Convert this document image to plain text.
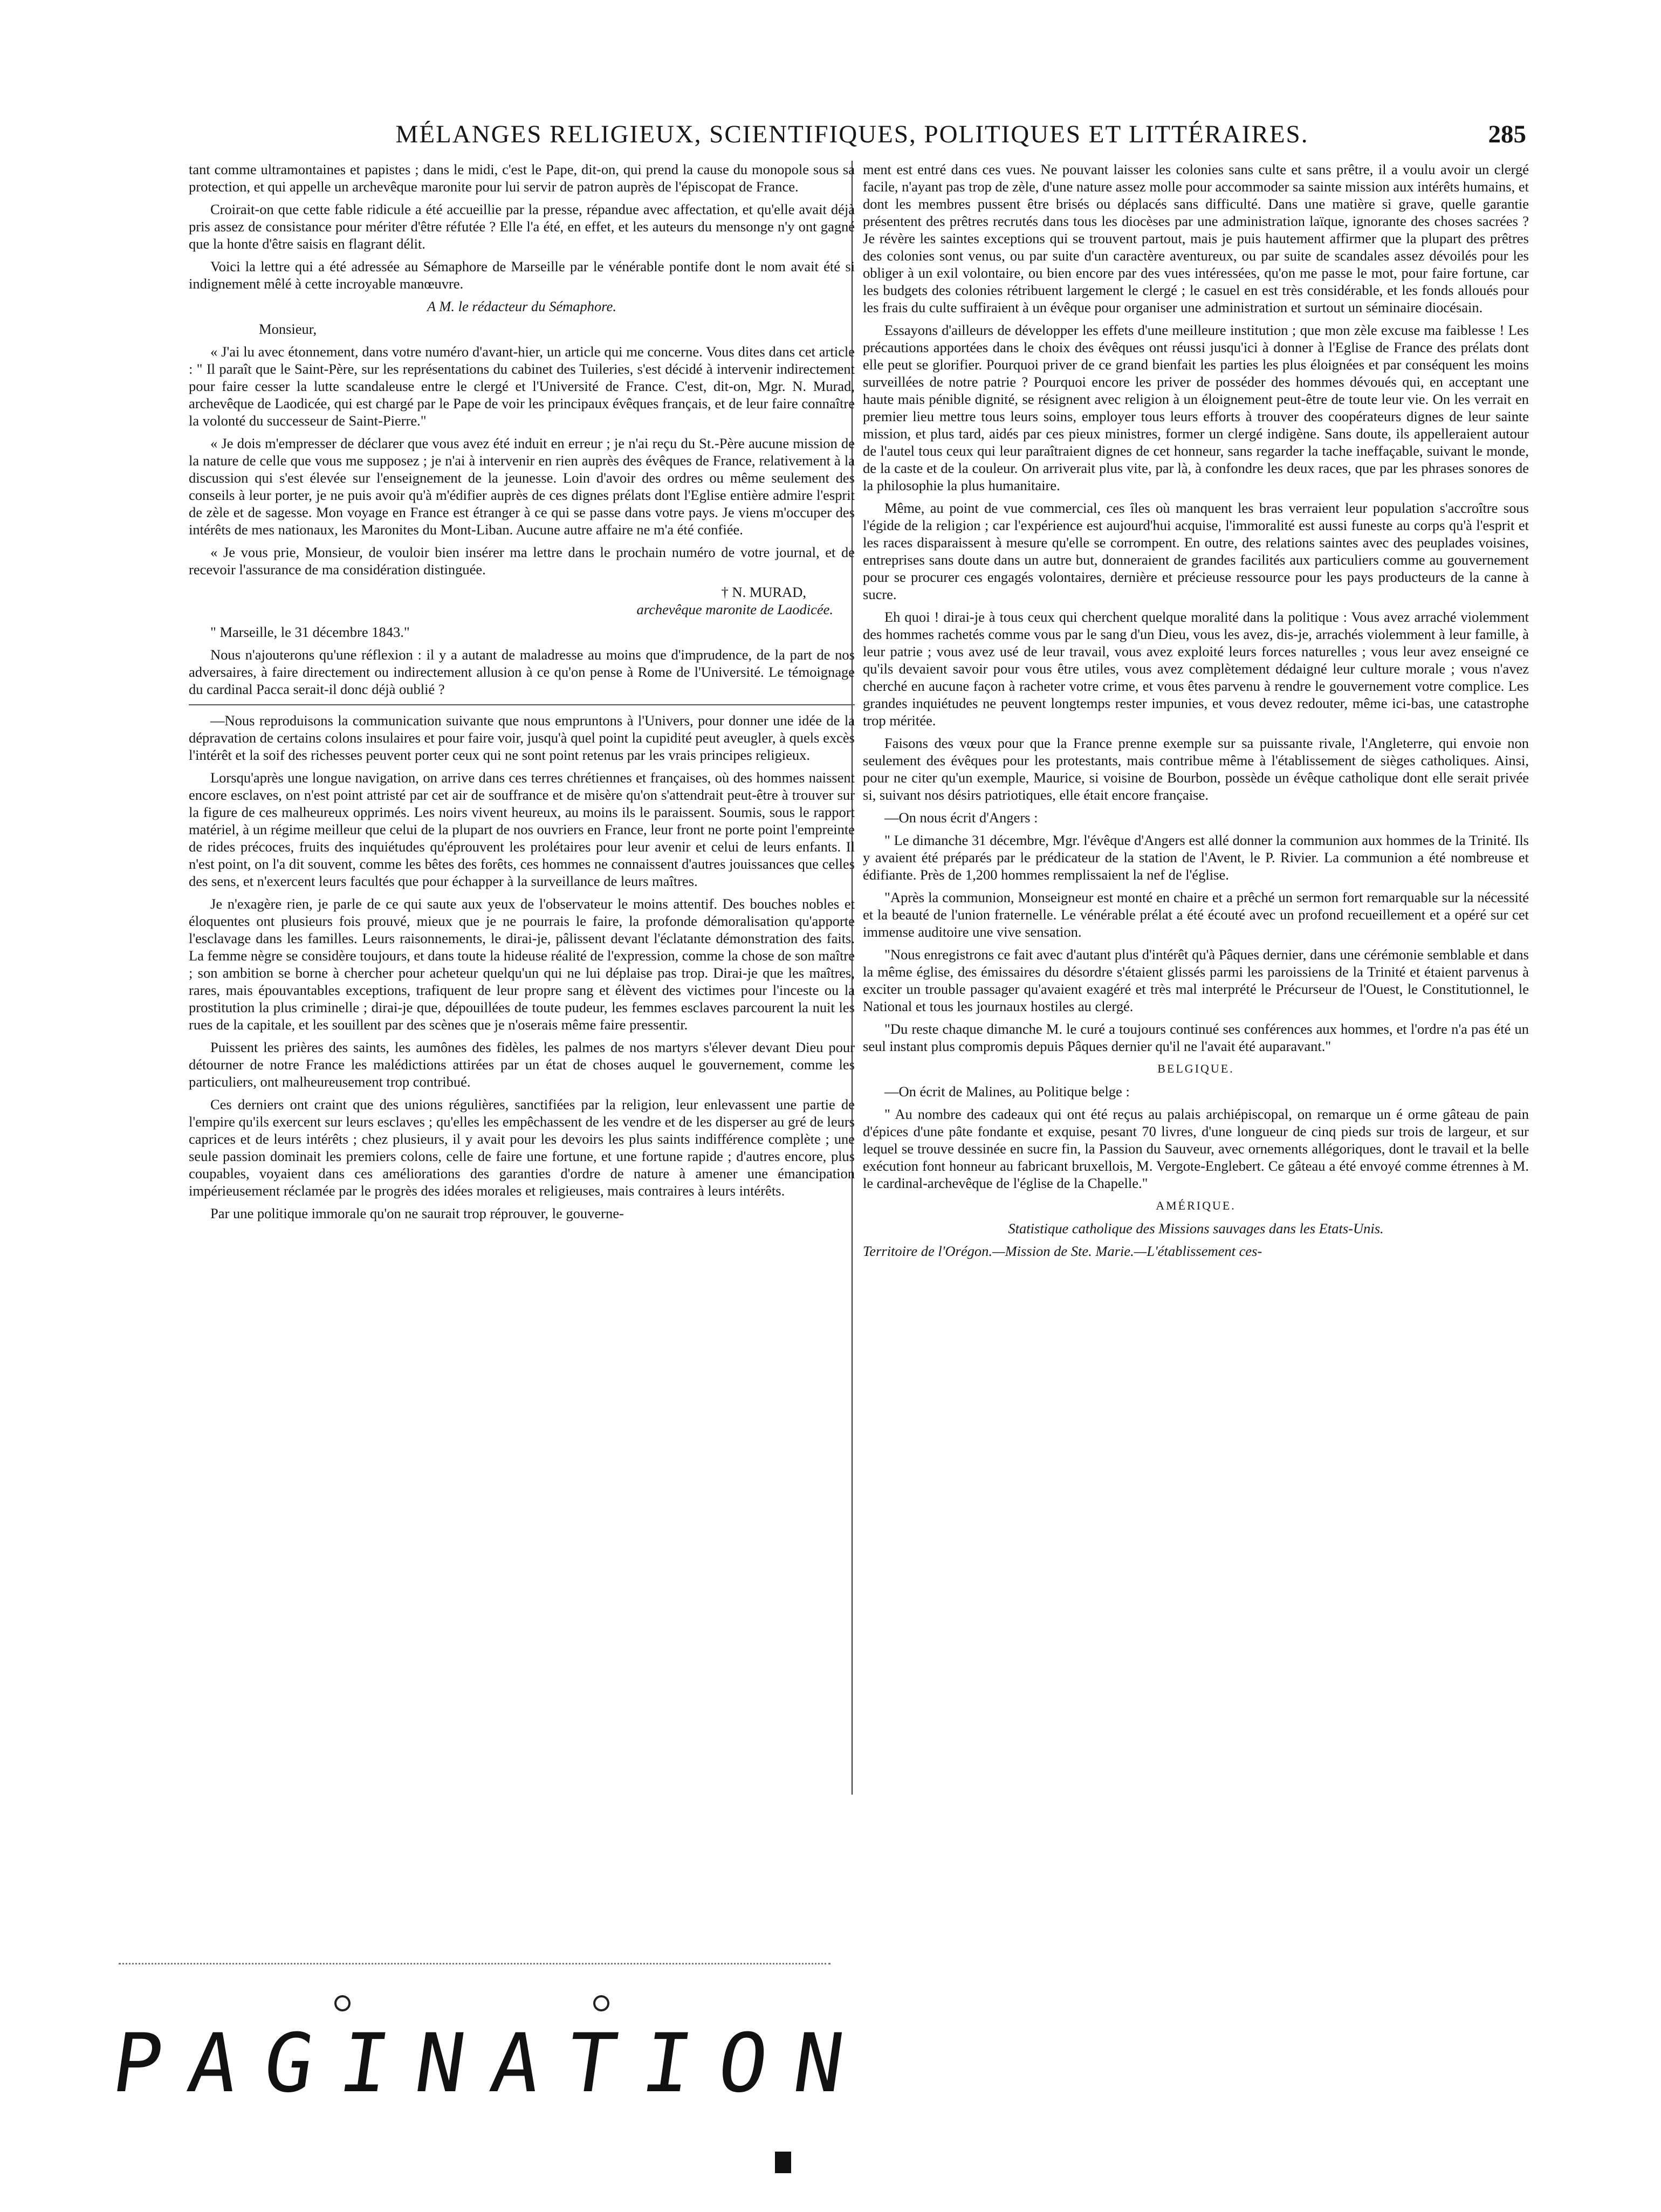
MÉLANGES RELIGIEUX, SCIENTIFIQUES, POLITIQUES ET LITTÉRAIRES.	285

tant comme ultramontaines et papistes ; dans le midi, c'est le Pape, dit-on, qui prend la cause du monopole sous sa protection, et qui appelle un archevêque maronite pour lui servir de patron auprès de l'épiscopat de France.

Croirait-on que cette fable ridicule a été accueillie par la presse, répandue avec affectation, et qu'elle avait déjà pris assez de consistance pour mériter d'être réfutée ? Elle l'a été, en effet, et les auteurs du mensonge n'y ont gagné que la honte d'être saisis en flagrant délit.

Voici la lettre qui a été adressée au Sémaphore de Marseille par le vénérable pontife dont le nom avait été si indignement mêlé à cette incroyable manœuvre.

A M. le rédacteur du Sémaphore.

Monsieur,

« J'ai lu avec étonnement, dans votre numéro d'avant-hier, un article qui me concerne. Vous dites dans cet article : " Il paraît que le Saint-Père, sur les représentations du cabinet des Tuileries, s'est décidé à intervenir indirectement pour faire cesser la lutte scandaleuse entre le clergé et l'Université de France. C'est, dit-on, Mgr. N. Murad, archevêque de Laodicée, qui est chargé par le Pape de voir les principaux évêques français, et de leur faire connaître la volonté du successeur de Saint-Pierre."

« Je dois m'empresser de déclarer que vous avez été induit en erreur ; je n'ai reçu du St.-Père aucune mission de la nature de celle que vous me supposez ; je n'ai à intervenir en rien auprès des évêques de France, relativement à la discussion qui s'est élevée sur l'enseignement de la jeunesse. Loin d'avoir des ordres ou même seulement des conseils à leur porter, je ne puis avoir qu'à m'édifier auprès de ces dignes prélats dont l'Eglise entière admire l'esprit de zèle et de sagesse. Mon voyage en France est étranger à ce qui se passe dans votre pays. Je viens m'occuper des intérêts de mes nationaux, les Maronites du Mont-Liban. Aucune autre affaire ne m'a été confiée.

« Je vous prie, Monsieur, de vouloir bien insérer ma lettre dans le prochain numéro de votre journal, et de recevoir l'assurance de ma considération distinguée.

† N. MURAD,

archevêque maronite de Laodicée.

" Marseille, le 31 décembre 1843."

Nous n'ajouterons qu'une réflexion : il y a autant de maladresse au moins que d'imprudence, de la part de nos adversaires, à faire directement ou indirectement allusion à ce qu'on pense à Rome de l'Université. Le témoignage du cardinal Pacca serait-il donc déjà oublié ?

—Nous reproduisons la communication suivante que nous empruntons à l'Univers, pour donner une idée de la dépravation de certains colons insulaires et pour faire voir, jusqu'à quel point la cupidité peut aveugler, à quels excès l'intérêt et la soif des richesses peuvent porter ceux qui ne sont point retenus par les vrais principes religieux.

Lorsqu'après une longue navigation, on arrive dans ces terres chrétiennes et françaises, où des hommes naissent encore esclaves, on n'est point attristé par cet air de souffrance et de misère qu'on s'attendrait peut-être à trouver sur la figure de ces malheureux opprimés. Les noirs vivent heureux, au moins ils le paraissent. Soumis, sous le rapport matériel, à un régime meilleur que celui de la plupart de nos ouvriers en France, leur front ne porte point l'empreinte de rides précoces, fruits des inquiétudes qu'éprouvent les prolétaires pour leur avenir et celui de leurs enfants. Il n'est point, on l'a dit souvent, comme les bêtes des forêts, ces hommes ne connaissent d'autres jouissances que celles des sens, et n'exercent leurs facultés que pour échapper à la surveillance de leurs maîtres.

Je n'exagère rien, je parle de ce qui saute aux yeux de l'observateur le moins attentif. Des bouches nobles et éloquentes ont plusieurs fois prouvé, mieux que je ne pourrais le faire, la profonde démoralisation qu'apporte l'esclavage dans les familles. Leurs raisonnements, le dirai-je, pâlissent devant l'éclatante démonstration des faits. La femme nègre se considère toujours, et dans toute la hideuse réalité de l'expression, comme la chose de son maître ; son ambition se borne à chercher pour acheteur quelqu'un qui ne lui déplaise pas trop. Dirai-je que les maîtres, rares, mais épouvantables exceptions, trafiquent de leur propre sang et élèvent des victimes pour l'inceste ou la prostitution la plus criminelle ; dirai-je que, dépouillées de toute pudeur, les femmes esclaves parcourent la nuit les rues de la capitale, et les souillent par des scènes que je n'oserais même faire pressentir.

Puissent les prières des saints, les aumônes des fidèles, les palmes de nos martyrs s'élever devant Dieu pour détourner de notre France les malédictions attirées par un état de choses auquel le gouvernement, comme les particuliers, ont malheureusement trop contribué.

Ces derniers ont craint que des unions régulières, sanctifiées par la religion, leur enlevassent une partie de l'empire qu'ils exercent sur leurs esclaves ; qu'elles les empêchassent de les vendre et de les disperser au gré de leurs caprices et de leurs intérêts ; chez plusieurs, il y avait pour les devoirs les plus saints indifférence complète ; une seule passion dominait les premiers colons, celle de faire une fortune, et une fortune rapide ; d'autres encore, plus coupables, voyaient dans ces améliorations des garanties d'ordre de nature à amener une émancipation impérieusement réclamée par le progrès des idées morales et religieuses, mais contraires à leurs intérêts.

Par une politique immorale qu'on ne saurait trop réprouver, le gouverne-

ment est entré dans ces vues. Ne pouvant laisser les colonies sans culte et sans prêtre, il a voulu avoir un clergé facile, n'ayant pas trop de zèle, d'une nature assez molle pour accommoder sa sainte mission aux intérêts humains, et dont les membres pussent être brisés ou déplacés sans difficulté. Dans une matière si grave, quelle garantie présentent des prêtres recrutés dans tous les diocèses par une administration laïque, ignorante des choses sacrées ? Je révère les saintes exceptions qui se trouvent partout, mais je puis hautement affirmer que la plupart des prêtres des colonies sont venus, ou par suite d'un caractère aventureux, ou par suite de scandales assez dévoilés pour les obliger à un exil volontaire, ou bien encore par des vues intéressées, qu'on me passe le mot, pour faire fortune, car les budgets des colonies rétribuent largement le clergé ; le casuel en est très considérable, et les fonds alloués pour les frais du culte suffiraient à un évêque pour organiser une administration et surtout un séminaire diocésain.

Essayons d'ailleurs de développer les effets d'une meilleure institution ; que mon zèle excuse ma faiblesse ! Les précautions apportées dans le choix des évêques ont réussi jusqu'ici à donner à l'Eglise de France des prélats dont elle peut se glorifier. Pourquoi priver de ce grand bienfait les parties les plus éloignées et par conséquent les moins surveillées de notre patrie ? Pourquoi encore les priver de posséder des hommes dévoués qui, en acceptant une haute mais pénible dignité, se résignent avec religion à un éloignement peut-être de toute leur vie. On les verrait en premier lieu mettre tous leurs soins, employer tous leurs efforts à trouver des coopérateurs dignes de leur sainte mission, et plus tard, aidés par ces pieux ministres, former un clergé indigène. Sans doute, ils appelleraient autour de l'autel tous ceux qui leur paraîtraient dignes de cet honneur, sans regarder la tache ineffaçable, suivant le monde, de la caste et de la couleur. On arriverait plus vite, par là, à confondre les deux races, que par les phrases sonores de la philosophie la plus humanitaire.

Même, au point de vue commercial, ces îles où manquent les bras verraient leur population s'accroître sous l'égide de la religion ; car l'expérience est aujourd'hui acquise, l'immoralité est aussi funeste au corps qu'à l'esprit et les races disparaissent à mesure qu'elle se corrompent. En outre, des relations saintes avec des peuplades voisines, entreprises sans doute dans un autre but, donneraient de grandes facilités aux particuliers comme au gouvernement pour se procurer ces engagés volontaires, dernière et précieuse ressource pour les pays producteurs de la canne à sucre.

Eh quoi ! dirai-je à tous ceux qui cherchent quelque moralité dans la politique : Vous avez arraché violemment des hommes rachetés comme vous par le sang d'un Dieu, vous les avez, dis-je, arrachés violemment à leur famille, à leur patrie ; vous avez usé de leur travail, vous avez exploité leurs forces naturelles ; vous leur avez enseigné ce qu'ils devaient savoir pour vous être utiles, vous avez complètement dédaigné leur culture morale ; vous n'avez cherché en aucune façon à racheter votre crime, et vous êtes parvenu à rendre le gouvernement votre complice. Les grandes inquiétudes ne peuvent longtemps rester impunies, et vous devez redouter, même ici-bas, une catastrophe trop méritée.

Faisons des vœux pour que la France prenne exemple sur sa puissante rivale, l'Angleterre, qui envoie non seulement des évêques pour les protestants, mais contribue même à l'établissement de sièges catholiques. Ainsi, pour ne citer qu'un exemple, Maurice, si voisine de Bourbon, possède un évêque catholique dont elle serait privée si, suivant nos désirs patriotiques, elle était encore française.

—On nous écrit d'Angers :

" Le dimanche 31 décembre, Mgr. l'évêque d'Angers est allé donner la communion aux hommes de la Trinité. Ils y avaient été préparés par le prédicateur de la station de l'Avent, le P. Rivier. La communion a été nombreuse et édifiante. Près de 1,200 hommes remplissaient la nef de l'église.

"Après la communion, Monseigneur est monté en chaire et a prêché un sermon fort remarquable sur la nécessité et la beauté de l'union fraternelle. Le vénérable prélat a été écouté avec un profond recueillement et a opéré sur cet immense auditoire une vive sensation.

"Nous enregistrons ce fait avec d'autant plus d'intérêt qu'à Pâques dernier, dans une cérémonie semblable et dans la même église, des émissaires du désordre s'étaient glissés parmi les paroissiens de la Trinité et étaient parvenus à exciter un trouble passager qu'avaient exagéré et très mal interprété le Précurseur de l'Ouest, le Constitutionnel, le National et tous les journaux hostiles au clergé.

"Du reste chaque dimanche M. le curé a toujours continué ses conférences aux hommes, et l'ordre n'a pas été un seul instant plus compromis depuis Pâques dernier qu'il ne l'avait été auparavant."

BELGIQUE.

—On écrit de Malines, au Politique belge :

" Au nombre des cadeaux qui ont été reçus au palais archiépiscopal, on remarque un é orme gâteau de pain d'épices d'une pâte fondante et exquise, pesant 70 livres, d'une longueur de cinq pieds sur trois de largeur, et sur lequel se trouve dessinée en sucre fin, la Passion du Sauveur, avec ornements allégoriques, dont le travail et la belle exécution font honneur au fabricant bruxellois, M. Vergote-Englebert. Ce gâteau a été envoyé comme étrennes à M. le cardinal-archevêque de l'église de la Chapelle."

AMÉRIQUE.

Statistique catholique des Missions sauvages dans les Etats-Unis.

Territoire de l'Orégon.—Mission de Ste. Marie.—L'établissement ces-

PAGINATION
